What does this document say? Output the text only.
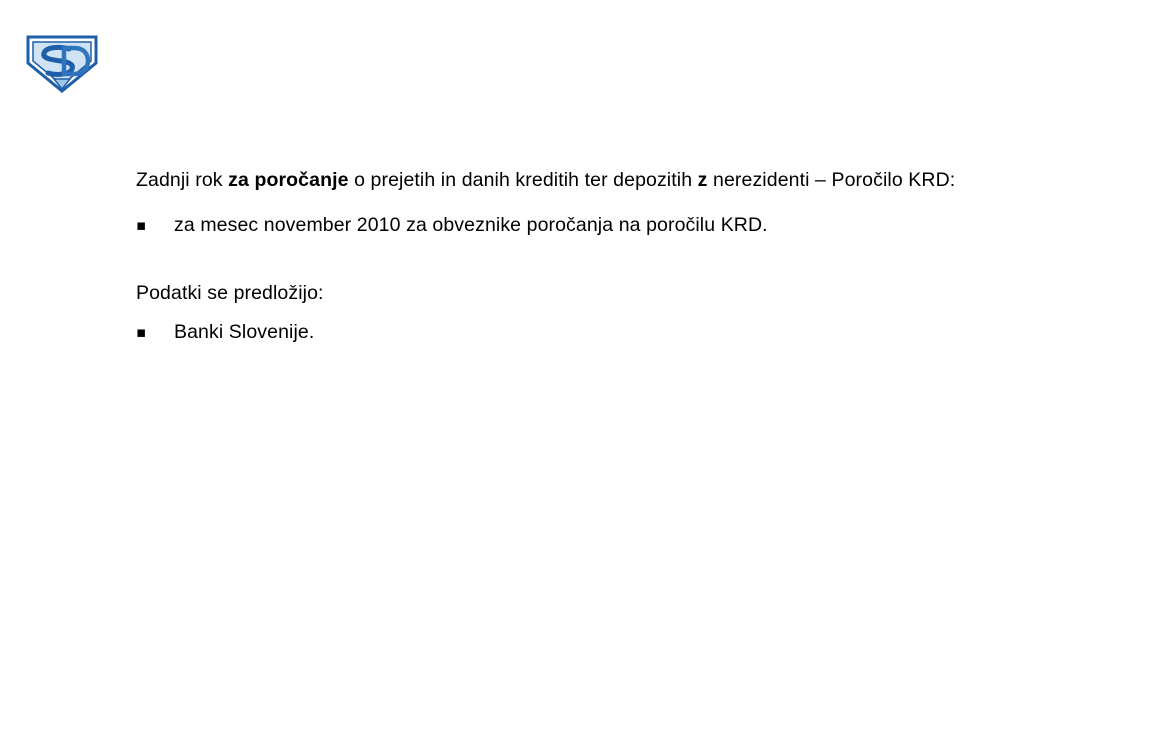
Zadnji rok za poročanje o prejetih in danih kreditih ter depozitih z nerezidenti – Poročilo KRD:

▪	za mesec november 2010 za obveznike poročanja na poročilu KRD.

Podatki se predložijo:

▪	Banki Slovenije.
